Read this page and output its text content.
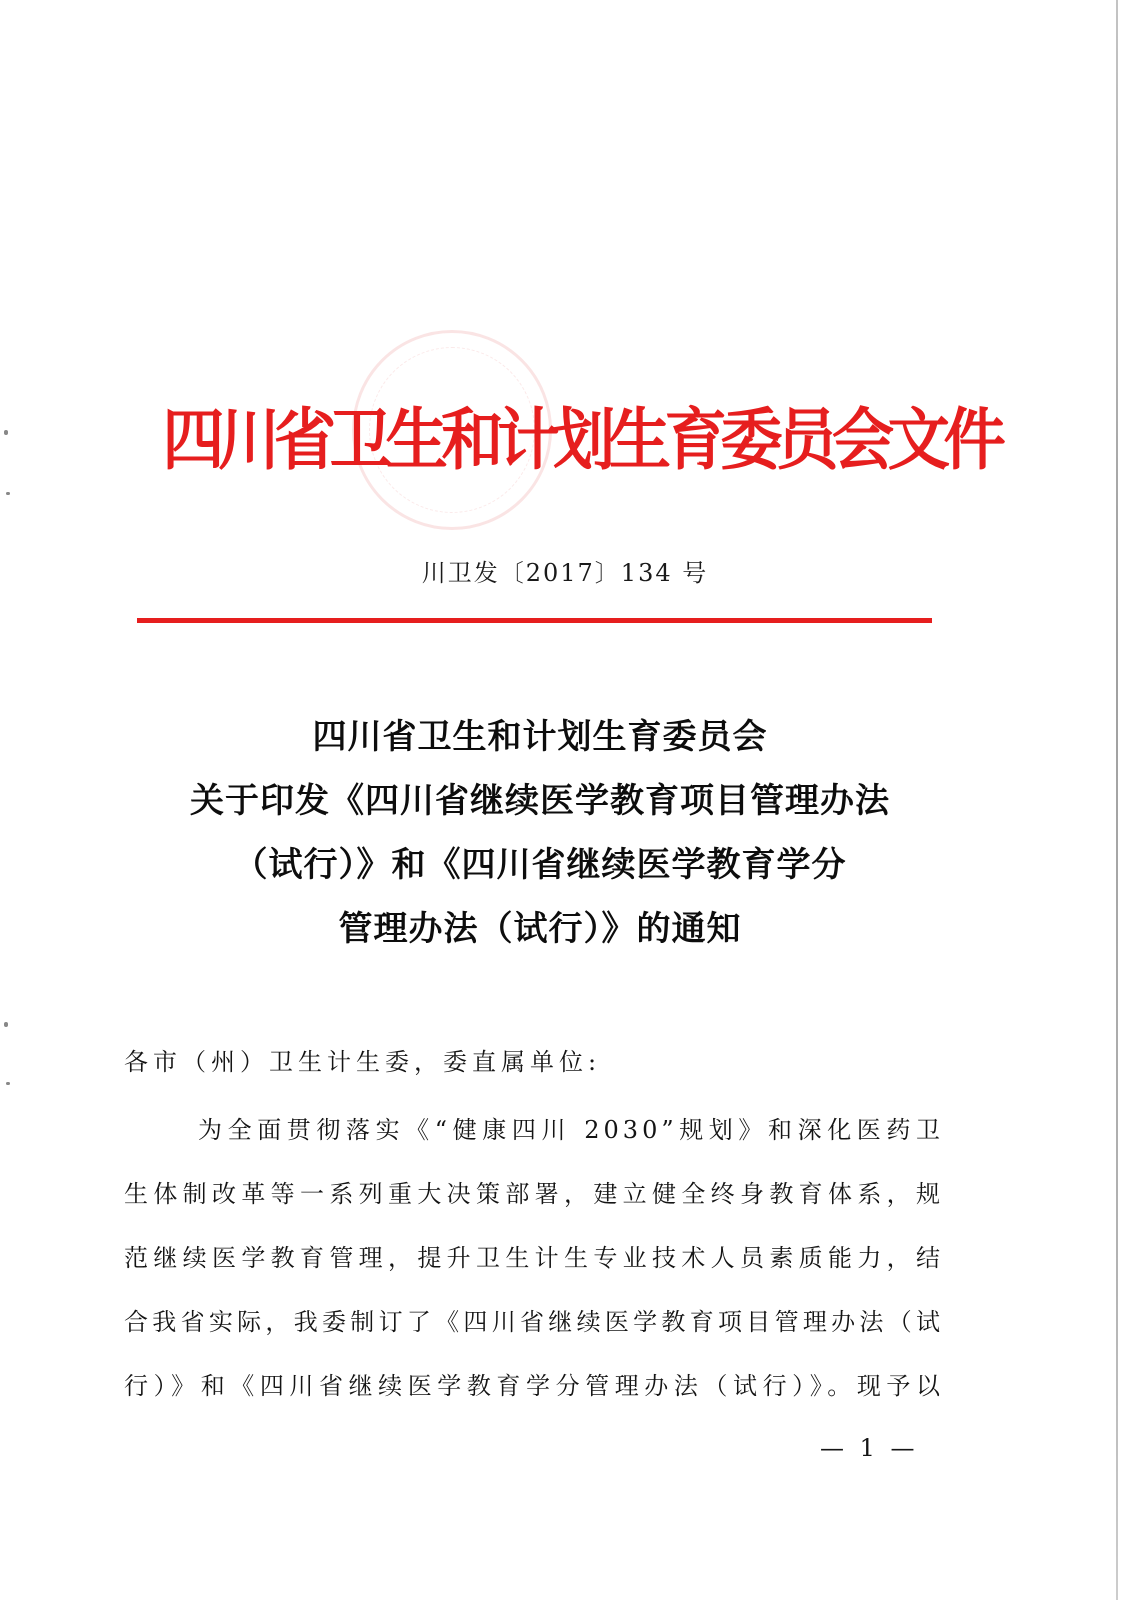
四川省卫生和计划生育委员会文件
川卫发〔2017〕134 号
四川省卫生和计划生育委员会
关于印发《四川省继续医学教育项目管理办法
（试行）》和《四川省继续医学教育学分
管理办法（试行）》的通知
各市（州）卫生计生委，委直属单位:
为全面贯彻落实《“健康四川 2030”规划》和深化医药卫
生体制改革等一系列重大决策部署，建立健全终身教育体系，规
范继续医学教育管理，提升卫生计生专业技术人员素质能力，结
合我省实际，我委制订了《四川省继续医学教育项目管理办法（试
行）》和《四川省继续医学教育学分管理办法（试行）》。现予以
— 1 —
